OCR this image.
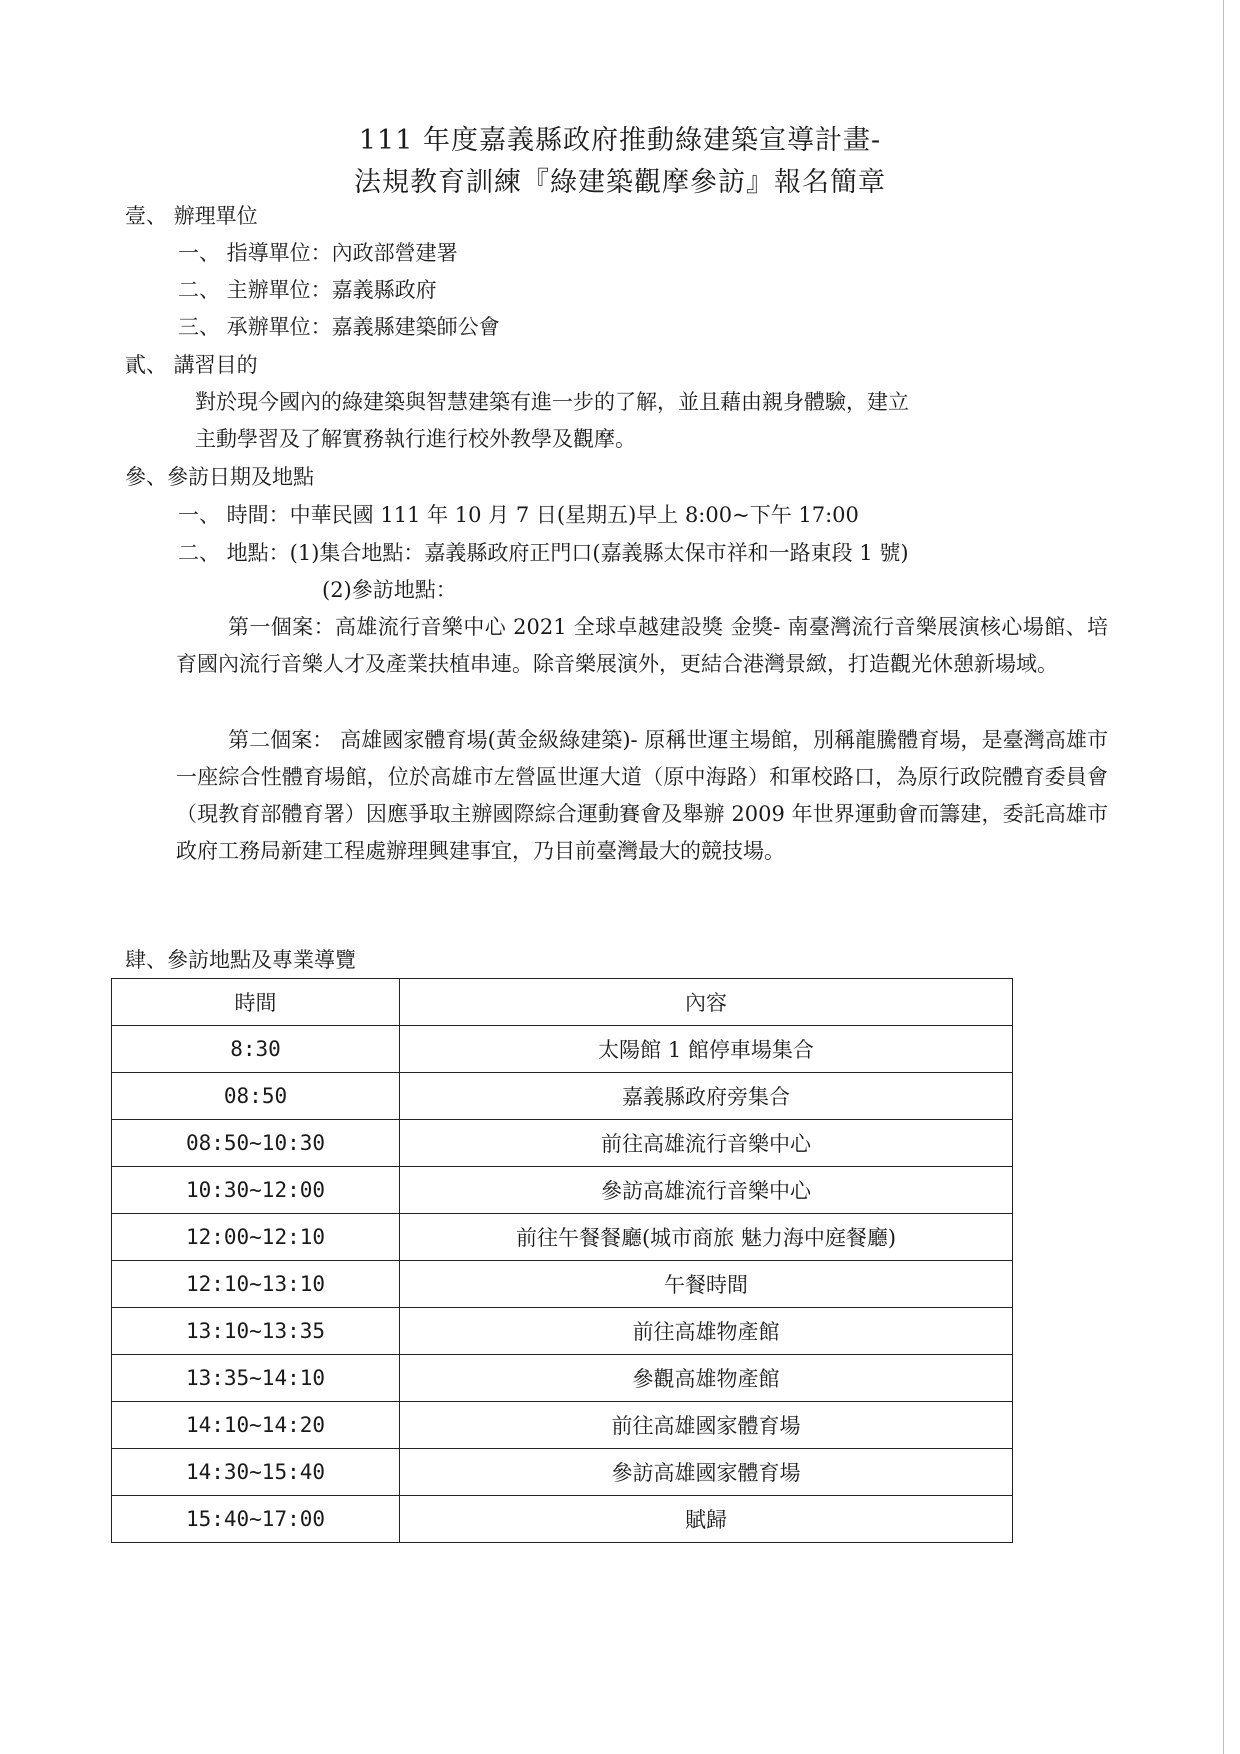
111 年度嘉義縣政府推動綠建築宣導計畫-
法規教育訓練『綠建築觀摩參訪』報名簡章
壹、 辦理單位
一、 指導單位：內政部營建署
二、 主辦單位：嘉義縣政府
三、 承辦單位：嘉義縣建築師公會
貳、 講習目的
對於現今國內的綠建築與智慧建築有進一步的了解，並且藉由親身體驗，建立
主動學習及了解實務執行進行校外教學及觀摩。
參、參訪日期及地點
一、 時間：中華民國 111 年 10 月 7 日(星期五)早上 8:00~下午 17:00
二、 地點：(1)集合地點：嘉義縣政府正門口(嘉義縣太保市祥和一路東段 1 號)
(2)參訪地點：
第一個案：高雄流行音樂中心 2021 全球卓越建設獎 金獎- 南臺灣流行音樂展演核心場館、培育國內流行音樂人才及產業扶植串連。除音樂展演外，更結合港灣景緻，打造觀光休憩新場域。
第二個案： 高雄國家體育場(黃金級綠建築)- 原稱世運主場館，別稱龍騰體育場，是臺灣高雄市一座綜合性體育場館，位於高雄市左營區世運大道（原中海路）和軍校路口，為原行政院體育委員會（現教育部體育署）因應爭取主辦國際綜合運動賽會及舉辦 2009 年世界運動會而籌建，委託高雄市政府工務局新建工程處辦理興建事宜，乃目前臺灣最大的競技場。
肆、參訪地點及專業導覽
時間	內容
8:30	太陽館 1 館停車場集合
08:50	嘉義縣政府旁集合
08:50~10:30	前往高雄流行音樂中心
10:30~12:00	參訪高雄流行音樂中心
12:00~12:10	前往午餐餐廳(城市商旅 魅力海中庭餐廳)
12:10~13:10	午餐時間
13:10~13:35	前往高雄物產館
13:35~14:10	參觀高雄物產館
14:10~14:20	前往高雄國家體育場
14:30~15:40	參訪高雄國家體育場
15:40~17:00	賦歸
